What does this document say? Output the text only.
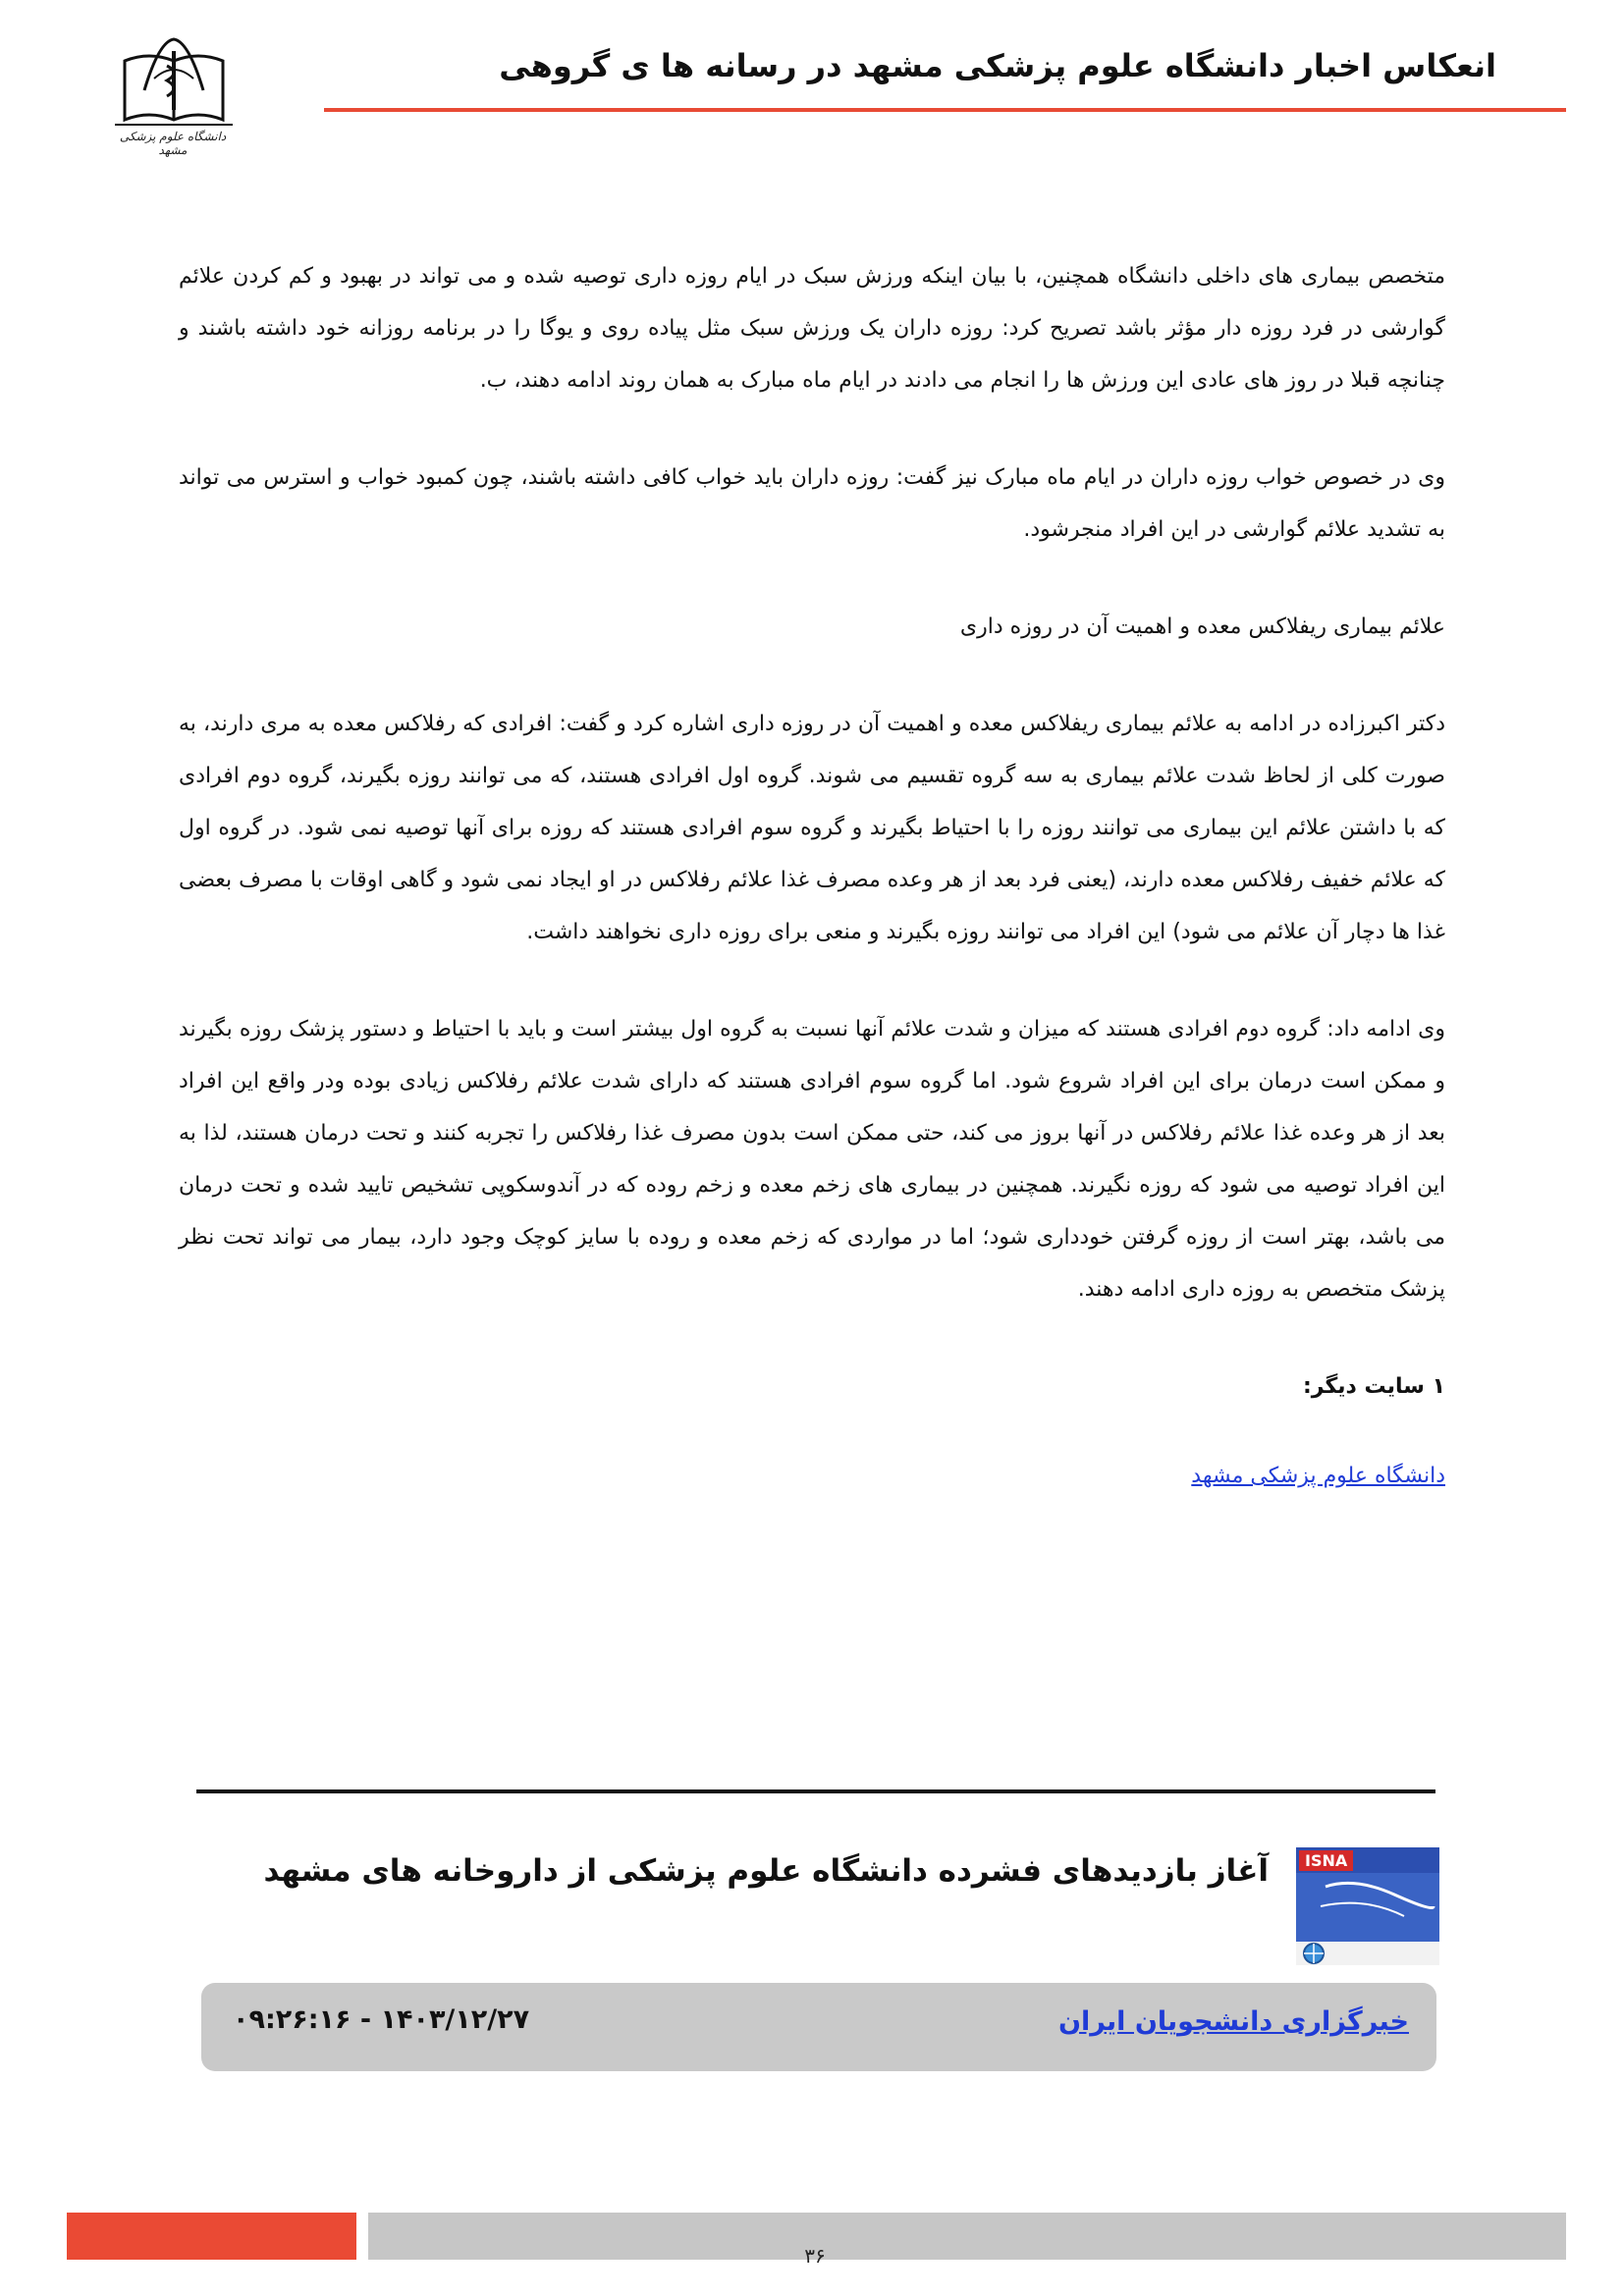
انعکاس اخبار دانشگاه علوم پزشکی مشهد در رسانه ها ی گروهی
دانشگاه علوم پزشکی مشهد

متخصص بیماری های داخلی دانشگاه همچنین، با بیان اینکه ورزش سبک در ایام روزه داری توصیه شده و می تواند در بهبود و کم کردن علائم گوارشی در فرد روزه دار مؤثر باشد تصریح کرد: روزه داران یک ورزش سبک مثل پیاده روی و یوگا را در برنامه روزانه خود داشته باشند و چنانچه قبلا در روز های عادی این ورزش ها را انجام می دادند در ایام ماه مبارک به همان روند ادامه دهند، ب.

وی در خصوص خواب روزه داران در ایام ماه مبارک نیز گفت: روزه داران باید خواب کافی داشته باشند، چون کمبود خواب و استرس می تواند به تشدید علائم گوارشی در این افراد منجرشود.

علائم بیماری ریفلاکس معده و اهمیت آن در روزه داری

دکتر اکبرزاده در ادامه به علائم بیماری ریفلاکس معده و اهمیت آن در روزه داری اشاره کرد و گفت: افرادی که رفلاکس معده به مری دارند، به صورت کلی از لحاظ شدت علائم بیماری به سه گروه تقسیم می شوند. گروه اول افرادی هستند، که می توانند روزه بگیرند، گروه دوم افرادی که با داشتن علائم این بیماری می توانند روزه را با احتیاط بگیرند و گروه سوم افرادی هستند که روزه برای آنها توصیه نمی شود. در گروه اول که علائم خفیف رفلاکس معده دارند، (یعنی فرد بعد از هر وعده مصرف غذا علائم رفلاکس در او ایجاد نمی شود و گاهی اوقات با مصرف بعضی غذا ها دچار آن علائم می شود) این افراد می توانند روزه بگیرند و منعی برای روزه داری نخواهند داشت.

وی ادامه داد: گروه دوم افرادی هستند که میزان و شدت علائم آنها نسبت به گروه اول بیشتر است و باید با احتیاط و دستور پزشک روزه بگیرند و ممکن است درمان برای این افراد شروع شود. اما گروه سوم افرادی هستند که دارای شدت علائم رفلاکس زیادی بوده ودر واقع این افراد بعد از هر وعده غذا علائم رفلاکس در آنها بروز می کند، حتی ممکن است بدون مصرف غذا رفلاکس را تجربه کنند و تحت درمان هستند، لذا به این افراد توصیه می شود که روزه نگیرند. همچنین در بیماری های زخم معده و زخم روده که در آندوسکوپی تشخیص تایید شده و تحت درمان می باشد، بهتر است از روزه گرفتن خودداری شود؛ اما در مواردی که زخم معده و روده با سایز کوچک وجود دارد، بیمار می تواند تحت نظر پزشک متخصص به روزه داری ادامه دهند.

۱ سایت دیگر:
دانشگاه علوم پزشکی مشهد
آغاز بازدیدهای فشرده دانشگاه علوم پزشکی از داروخانه های مشهد	ISNA
خبرگزاری دانشجویان ایران
۱۴۰۳/۱۲/۲۷ - ۰۹:۲۶:۱۶
۳۶
